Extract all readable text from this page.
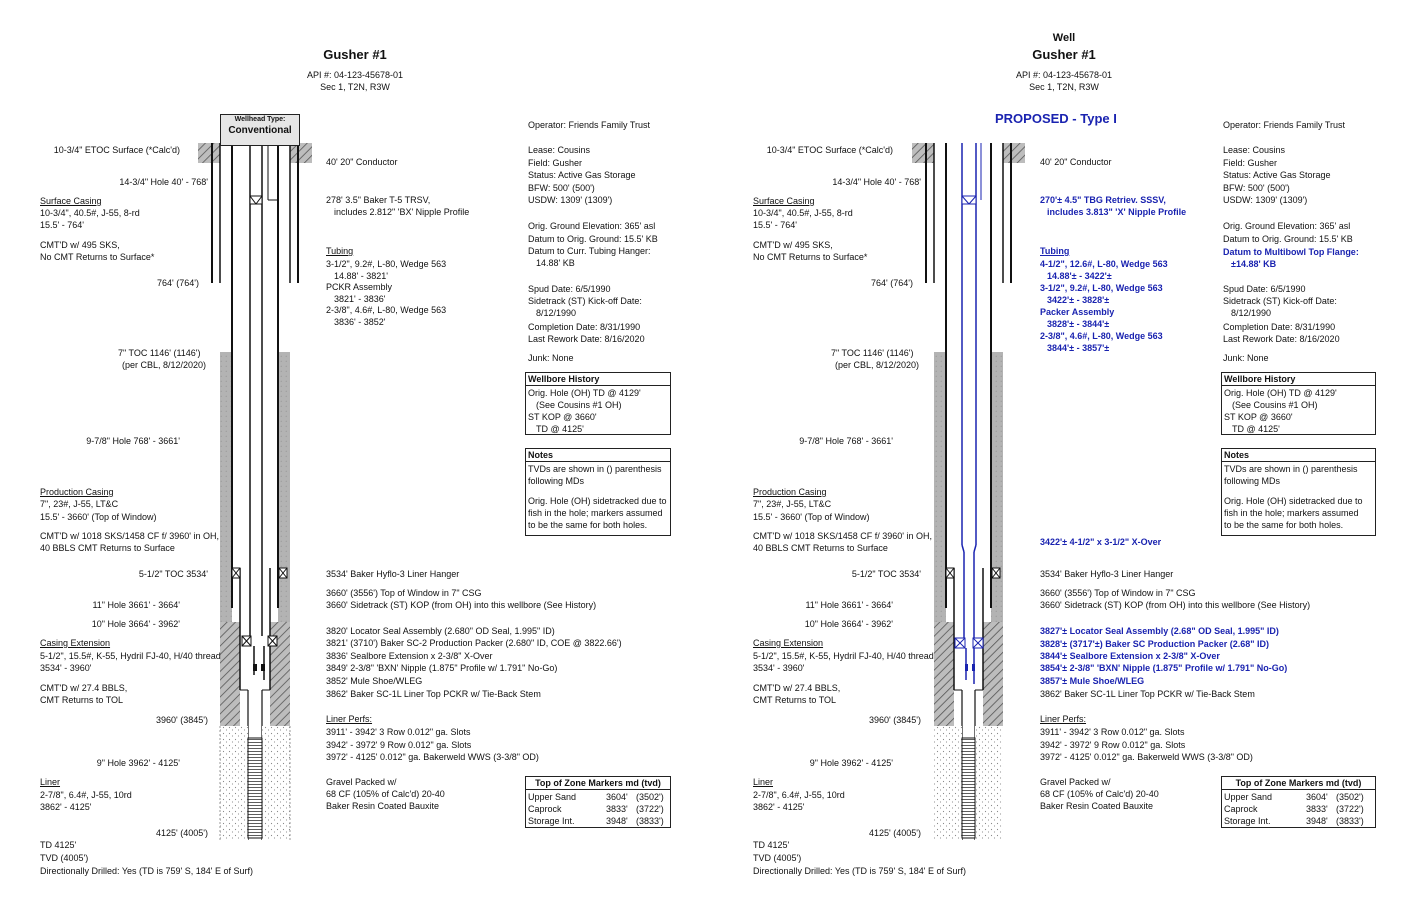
Gusher #1
API #: 04-123-45678-01
Sec 1, T2N, R3W
Wellhead Type:
Conventional
10-3/4" ETOC Surface (*Calc'd)
14-3/4" Hole 40' - 768'
Surface Casing
10-3/4", 40.5#, J-55, 8-rd
15.5' - 764'
CMT'D w/ 495 SKS,
No CMT Returns to Surface*
764' (764')
7" TOC 1146' (1146')
(per CBL, 8/12/2020)
9-7/8" Hole 768' - 3661'
Production Casing
7", 23#, J-55, LT&C
15.5' - 3660' (Top of Window)
CMT'D w/ 1018 SKS/1458 CF f/ 3960' in OH,
40 BBLS CMT Returns to Surface
5-1/2" TOC 3534'
11" Hole 3661' - 3664'
10" Hole 3664' - 3962'
Casing Extension
5-1/2", 15.5#, K-55, Hydril FJ-40, H/40 thread
3534' - 3960'
CMT'D w/ 27.4 BBLS,
CMT Returns to TOL
3960' (3845')
9" Hole 3962' - 4125'
Liner
2-7/8", 6.4#, J-55, 10rd
3862' - 4125'
4125' (4005')
TD 4125'
TVD (4005')
Directionally Drilled: Yes (TD is 759' S, 184' E of Surf)
40' 20" Conductor
278' 3.5" Baker T-5 TRSV,
includes 2.812" 'BX' Nipple Profile
Tubing
3-1/2", 9.2#, L-80, Wedge 563
14.88' - 3821'
PCKR Assembly
3821' - 3836'
2-3/8", 4.6#, L-80, Wedge 563
3836' - 3852'
3534' Baker Hyflo-3 Liner Hanger
3660' (3556') Top of Window in 7" CSG
3660' Sidetrack (ST) KOP (from OH) into this wellbore (See History)
3820' Locator Seal Assembly (2.680" OD Seal, 1.995" ID)
3821' (3710') Baker SC-2 Production Packer (2.680" ID, COE @ 3822.66')
3836' Sealbore Extension x 2-3/8" X-Over
3849' 2-3/8" 'BXN' Nipple (1.875" Profile w/ 1.791" No-Go)
3852' Mule Shoe/WLEG
3862' Baker SC-1L Liner Top PCKR w/ Tie-Back Stem
Liner Perfs:
3911' - 3942' 3 Row 0.012" ga. Slots
3942' - 3972' 9 Row 0.012" ga. Slots
3972' - 4125' 0.012" ga. Bakerweld WWS (3-3/8" OD)
Gravel Packed w/
68 CF (105% of Calc'd) 20-40
Baker Resin Coated Bauxite
Operator: Friends Family Trust
Lease: Cousins
Field: Gusher
Status: Active Gas Storage
BFW: 500' (500')
USDW: 1309' (1309')
Orig. Ground Elevation: 365' asl
Datum to Orig. Ground: 15.5' KB
Datum to Curr. Tubing Hanger:
14.88' KB
Spud Date: 6/5/1990
Sidetrack (ST) Kick-off Date:
8/12/1990
Completion Date: 8/31/1990
Last Rework Date: 8/16/2020
Junk: None
Wellbore History
Orig. Hole (OH) TD @ 4129'
(See Cousins #1 OH)
ST KOP @ 3660'
TD @ 4125'
Notes
TVDs are shown in () parenthesis
following MDs
Orig. Hole (OH) sidetracked due to
fish in the hole; markers assumed
to be the same for both holes.
Top of Zone Markers md (tvd)
Upper Sand	3604' (3502')
Caprock	3833' (3722')
Storage Int.	3948' (3833')
Well
Gusher #1
API #: 04-123-45678-01
Sec 1, T2N, R3W
PROPOSED - Type I
10-3/4" ETOC Surface (*Calc'd)
14-3/4" Hole 40' - 768'
Surface Casing
10-3/4", 40.5#, J-55, 8-rd
15.5' - 764'
CMT'D w/ 495 SKS,
No CMT Returns to Surface*
764' (764')
7" TOC 1146' (1146')
(per CBL, 8/12/2020)
9-7/8" Hole 768' - 3661'
Production Casing
7", 23#, J-55, LT&C
15.5' - 3660' (Top of Window)
CMT'D w/ 1018 SKS/1458 CF f/ 3960' in OH,
40 BBLS CMT Returns to Surface
5-1/2" TOC 3534'
11" Hole 3661' - 3664'
10" Hole 3664' - 3962'
Casing Extension
5-1/2", 15.5#, K-55, Hydril FJ-40, H/40 thread
3534' - 3960'
CMT'D w/ 27.4 BBLS,
CMT Returns to TOL
3960' (3845')
9" Hole 3962' - 4125'
Liner
2-7/8", 6.4#, J-55, 10rd
3862' - 4125'
4125' (4005')
TD 4125'
TVD (4005')
Directionally Drilled: Yes (TD is 759' S, 184' E of Surf)
40' 20" Conductor
270'± 4.5" TBG Retriev. SSSV,
includes 3.813" 'X' Nipple Profile
Tubing
4-1/2", 12.6#, L-80, Wedge 563
14.88'± - 3422'±
3-1/2", 9.2#, L-80, Wedge 563
3422'± - 3828'±
Packer Assembly
3828'± - 3844'±
2-3/8", 4.6#, L-80, Wedge 563
3844'± - 3857'±
3422'± 4-1/2" x 3-1/2" X-Over
3534' Baker Hyflo-3 Liner Hanger
3660' (3556') Top of Window in 7" CSG
3660' Sidetrack (ST) KOP (from OH) into this wellbore (See History)
3827'± Locator Seal Assembly (2.68" OD Seal, 1.995" ID)
3828'± (3717'±) Baker SC Production Packer (2.68" ID)
3844'± Sealbore Extension x 2-3/8" X-Over
3854'± 2-3/8" 'BXN' Nipple (1.875" Profile w/ 1.791" No-Go)
3857'± Mule Shoe/WLEG
3862' Baker SC-1L Liner Top PCKR w/ Tie-Back Stem
Liner Perfs:
3911' - 3942' 3 Row 0.012" ga. Slots
3942' - 3972' 9 Row 0.012" ga. Slots
3972' - 4125' 0.012" ga. Bakerweld WWS (3-3/8" OD)
Gravel Packed w/
68 CF (105% of Calc'd) 20-40
Baker Resin Coated Bauxite
Operator: Friends Family Trust
Lease: Cousins
Field: Gusher
Status: Active Gas Storage
BFW: 500' (500')
USDW: 1309' (1309')
Orig. Ground Elevation: 365' asl
Datum to Orig. Ground: 15.5' KB
Datum to Multibowl Top Flange:
±14.88' KB
Spud Date: 6/5/1990
Sidetrack (ST) Kick-off Date:
8/12/1990
Completion Date: 8/31/1990
Last Rework Date: 8/16/2020
Junk: None
Wellbore History
Orig. Hole (OH) TD @ 4129'
(See Cousins #1 OH)
ST KOP @ 3660'
TD @ 4125'
Notes
TVDs are shown in () parenthesis
following MDs
Orig. Hole (OH) sidetracked due to
fish in the hole; markers assumed
to be the same for both holes.
Top of Zone Markers md (tvd)
Upper Sand	3604' (3502')
Caprock	3833' (3722')
Storage Int.	3948' (3833')
